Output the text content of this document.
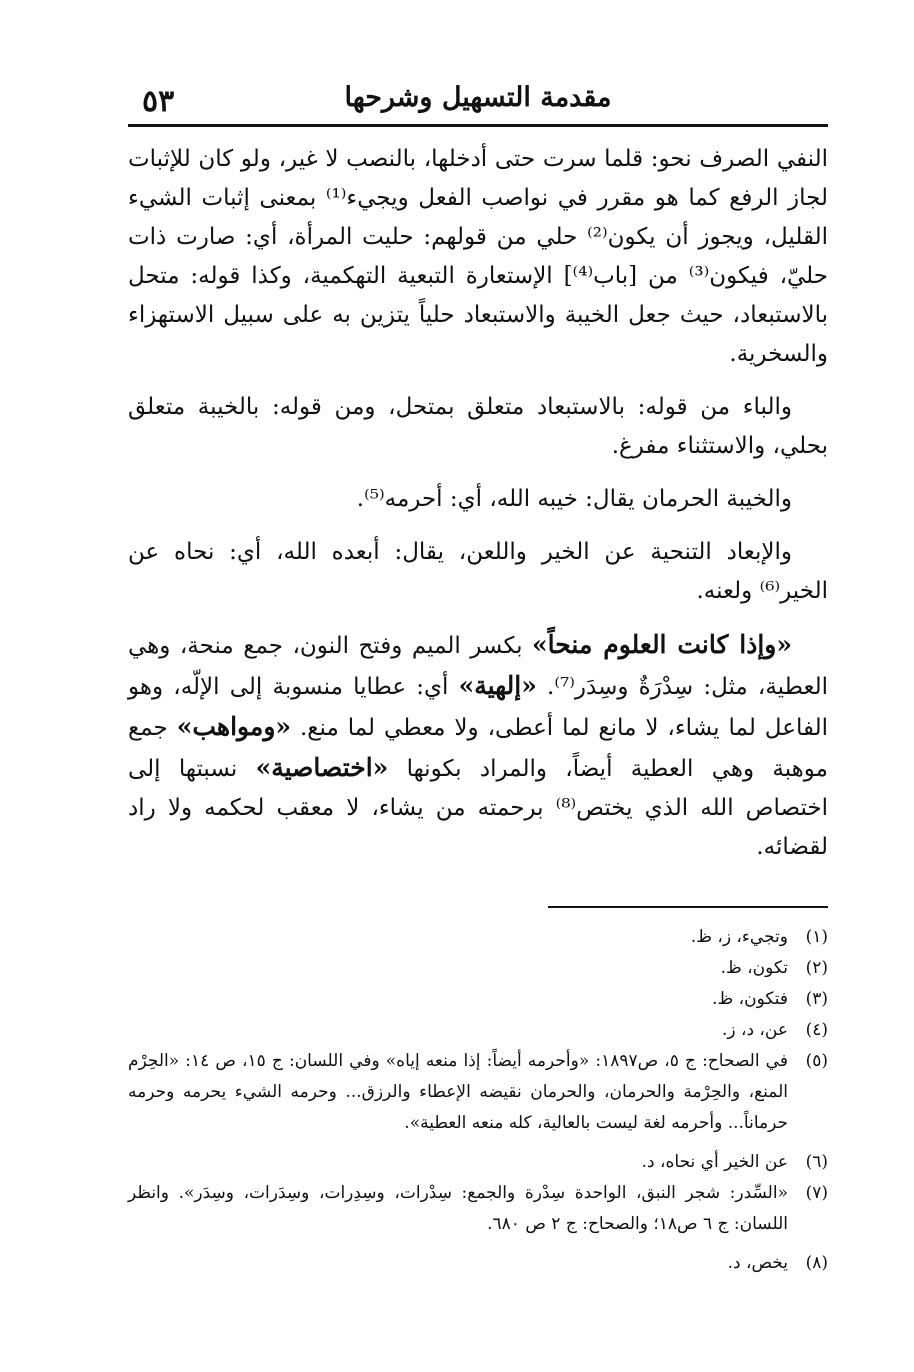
٥٣	مقدمة التسهيل وشرحها

النفي الصرف نحو: قلما سرت حتى أدخلها، بالنصب لا غير، ولو كان للإثبات لجاز الرفع كما هو مقرر في نواصب الفعل ويجيء⁽¹⁾ بمعنى إثبات الشيء القليل، ويجوز أن يكون⁽²⁾ حلي من قولهم: حليت المرأة، أي: صارت ذات حليّ، فيكون⁽³⁾ من [باب⁽⁴⁾] الإستعارة التبعية التهكمية، وكذا قوله: متحل بالاستبعاد، حيث جعل الخيبة والاستبعاد حلياً يتزين به على سبيل الاستهزاء والسخرية.

والباء من قوله: بالاستبعاد متعلق بمتحل، ومن قوله: بالخيبة متعلق بحلي، والاستثناء مفرغ.

والخيبة الحرمان يقال: خيبه الله، أي: أحرمه⁽⁵⁾.

والإبعاد التنحية عن الخير واللعن، يقال: أبعده الله، أي: نحاه عن الخير⁽⁶⁾ ولعنه.

«وإذا كانت العلوم منحاً» بكسر الميم وفتح النون، جمع منحة، وهي العطية، مثل: سِدْرَةٌ وسِدَر⁽⁷⁾. «إلهية» أي: عطايا منسوبة إلى الإلّه، وهو الفاعل لما يشاء، لا مانع لما أعطى، ولا معطي لما منع. «ومواهب» جمع موهبة وهي العطية أيضاً، والمراد بكونها «اختصاصية» نسبتها إلى اختصاص الله الذي يختص⁽⁸⁾ برحمته من يشاء، لا معقب لحكمه ولا راد لقضائه.

(١)
وتجيء، ز، ظ.
(٢)
تكون، ظ.
(٣)
فتكون، ظ.
(٤)
عن، د، ز.
(٥)
في الصحاح: ج ٥، ص١٨٩٧: «وأحرمه أيضاً: إذا منعه إياه» وفي اللسان: ج ١٥، ص ١٤: «الحِرْم المنع، والحِرْمة والحرمان، والحرمان نقيضه الإعطاء والرزق... وحرمه الشيء يحرمه وحرمه حرماناً... وأحرمه لغة ليست بالعالية، كله منعه العطية».
(٦)
عن الخير أي نحاه، د.
(٧)
«السِّدر: شجر النبق، الواحدة سِدْرة والجمع: سِدْرات، وسِدِرات، وسِدَرات، وسِدَر». وانظر اللسان: ج ٦ ص١٨؛ والصحاح: ج ٢ ص ٦٨٠.
(٨)
يخص، د.
